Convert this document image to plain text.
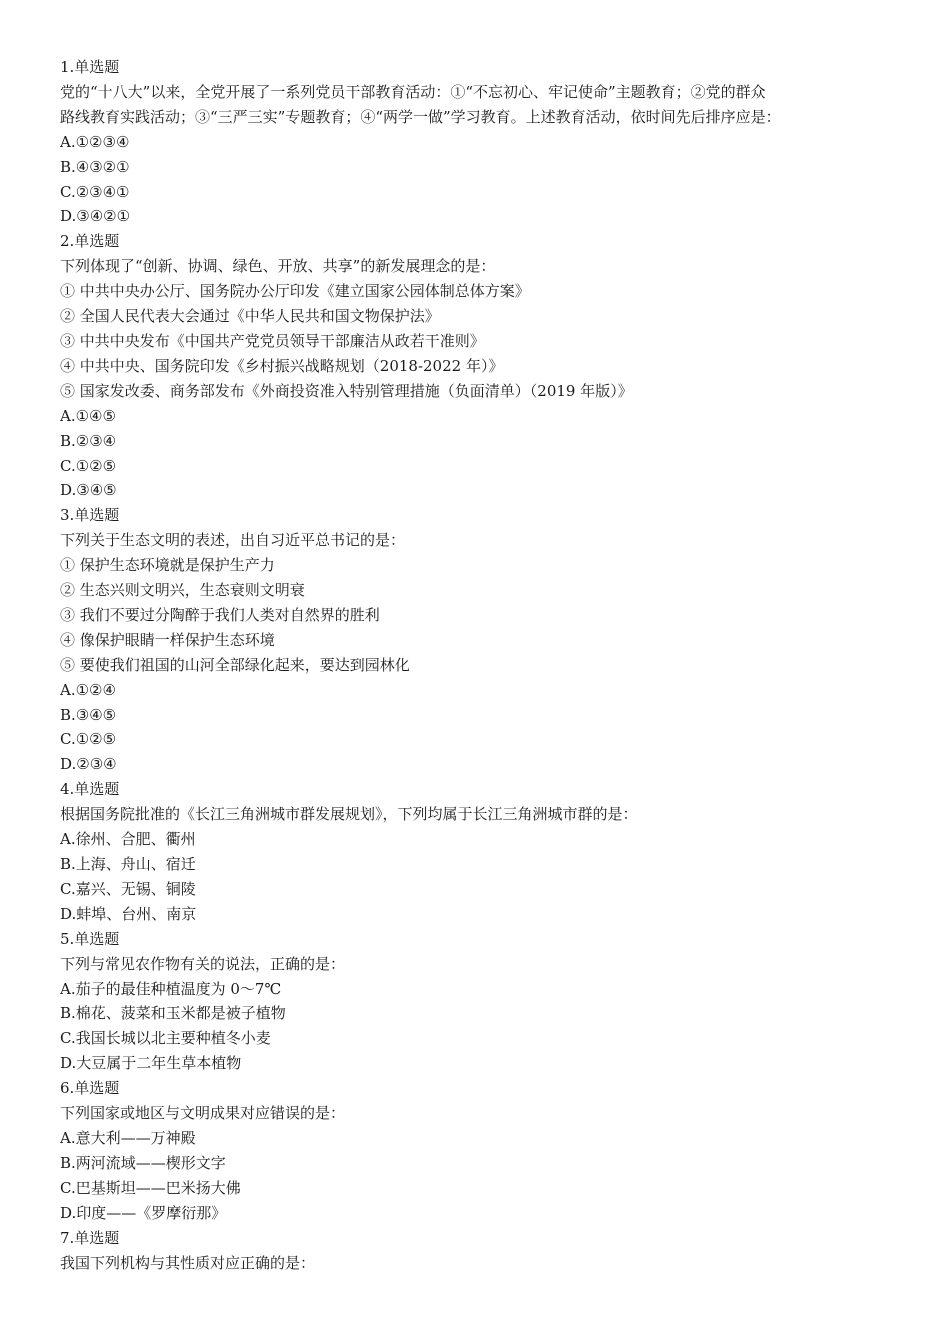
1.单选题
党的“十八大”以来，全党开展了一系列党员干部教育活动：①“不忘初心、牢记使命”主题教育；②党的群众
路线教育实践活动；③“三严三实”专题教育；④“两学一做”学习教育。上述教育活动，依时间先后排序应是：
A.①②③④
B.④③②①
C.②③④①
D.③④②①
2.单选题
下列体现了“创新、协调、绿色、开放、共享”的新发展理念的是：
① 中共中央办公厅、国务院办公厅印发《建立国家公园体制总体方案》
② 全国人民代表大会通过《中华人民共和国文物保护法》
③ 中共中央发布《中国共产党党员领导干部廉洁从政若干准则》
④ 中共中央、国务院印发《乡村振兴战略规划（2018-2022 年）》
⑤ 国家发改委、商务部发布《外商投资准入特别管理措施（负面清单）（2019 年版）》
A.①④⑤
B.②③④
C.①②⑤
D.③④⑤
3.单选题
下列关于生态文明的表述，出自习近平总书记的是：
① 保护生态环境就是保护生产力
② 生态兴则文明兴，生态衰则文明衰
③ 我们不要过分陶醉于我们人类对自然界的胜利
④ 像保护眼睛一样保护生态环境
⑤ 要使我们祖国的山河全部绿化起来，要达到园林化
A.①②④
B.③④⑤
C.①②⑤
D.②③④
4.单选题
根据国务院批准的《长江三角洲城市群发展规划》，下列均属于长江三角洲城市群的是：
A.徐州、合肥、衢州
B.上海、舟山、宿迁
C.嘉兴、无锡、铜陵
D.蚌埠、台州、南京
5.单选题
下列与常见农作物有关的说法，正确的是：
A.茄子的最佳种植温度为 0～7℃
B.棉花、菠菜和玉米都是被子植物
C.我国长城以北主要种植冬小麦
D.大豆属于二年生草本植物
6.单选题
下列国家或地区与文明成果对应错误的是：
A.意大利——万神殿
B.两河流域——楔形文字
C.巴基斯坦——巴米扬大佛
D.印度——《罗摩衍那》
7.单选题
我国下列机构与其性质对应正确的是：
